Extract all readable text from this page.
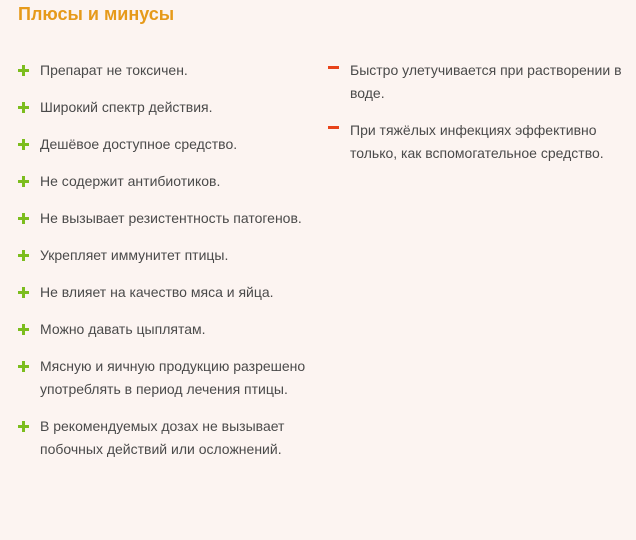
Плюсы и минусы
Препарат не токсичен.
Широкий спектр действия.
Дешёвое доступное средство.
Не содержит антибиотиков.
Не вызывает резистентность патогенов.
Укрепляет иммунитет птицы.
Не влияет на качество мяса и яйца.
Можно давать цыплятам.
Мясную и яичную продукцию разрешено употреблять в период лечения птицы.
В рекомендуемых дозах не вызывает побочных действий или осложнений.
Быстро улетучивается при растворении в воде.
При тяжёлых инфекциях эффективно только, как вспомогательное средство.
